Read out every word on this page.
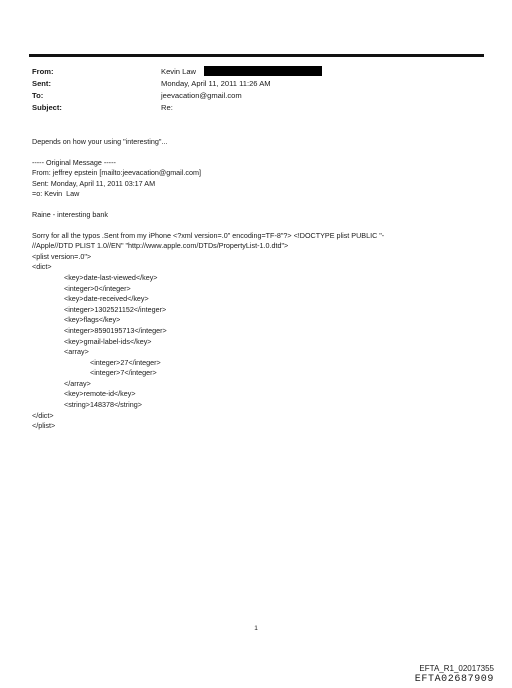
From:	Kevin Law
Sent:	Monday, April 11, 2011 11:26 AM
To:	jeevacation@gmail.com
Subject:	Re:
Depends on how your using "interesting"...
----- Original Message -----
From: jeffrey epstein [mailto:jeevacation@gmail.com]
Sent: Monday, April 11, 2011 03:17 AM
=o: Kevin  Law
Raine - interesting bank
Sorry for all the typos .Sent from my iPhone <?xml version=.0" encoding=TF-8"?> <!DOCTYPE plist PUBLIC "-
//Apple//DTD PLIST 1.0//EN" "http://www.apple.com/DTDs/PropertyList-1.0.dtd">
<plist version=.0">
<dict>
<key>date-last-viewed</key>
<integer>0</integer>
<key>date-received</key>
<integer>1302521152</integer>
<key>flags</key>
<integer>8590195713</integer>
<key>gmail-label-ids</key>
<array>
<integer>27</integer>
<integer>7</integer>
</array>
<key>remote-id</key>
<string>148378</string>
</dict>
</plist>
1
EFTA_R1_02017355
EFTA02687909
